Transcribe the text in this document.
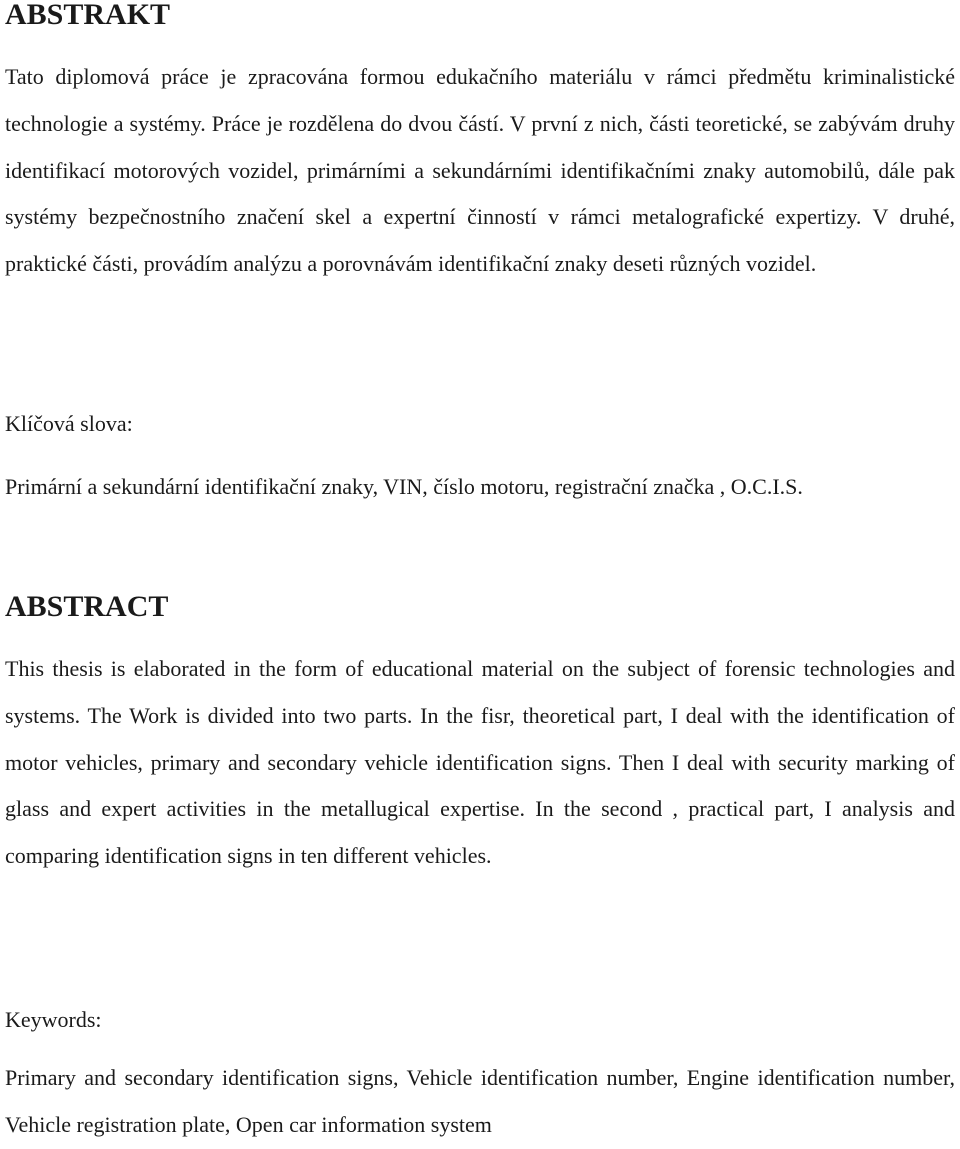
ABSTRAKT

Tato diplomová práce je zpracována formou edukačního materiálu v rámci předmětu kriminalistické technologie a systémy. Práce je rozdělena do dvou částí. V první z nich, části teoretické, se zabývám druhy identifikací motorových vozidel, primárními a sekundárními identifikačními znaky automobilů, dále pak systémy bezpečnostního značení skel a expertní činností v rámci metalografické expertizy. V druhé, praktické části, provádím analýzu a porovnávám identifikační znaky deseti různých vozidel.

Klíčová slova:

Primární a sekundární identifikační znaky, VIN, číslo motoru, registrační značka , O.C.I.S.

ABSTRACT

This thesis is elaborated in the form of educational material on the subject of forensic technologies and systems. The Work is divided into two parts. In the fisr, theoretical part, I deal with the identification of motor vehicles, primary and secondary vehicle identification signs. Then I deal with security marking of glass and expert activities in the metallugical expertise. In the second , practical part, I analysis and comparing identification signs in ten different vehicles.

Keywords:

Primary and secondary identification signs, Vehicle identification number, Engine identification number, Vehicle registration plate, Open car information system
